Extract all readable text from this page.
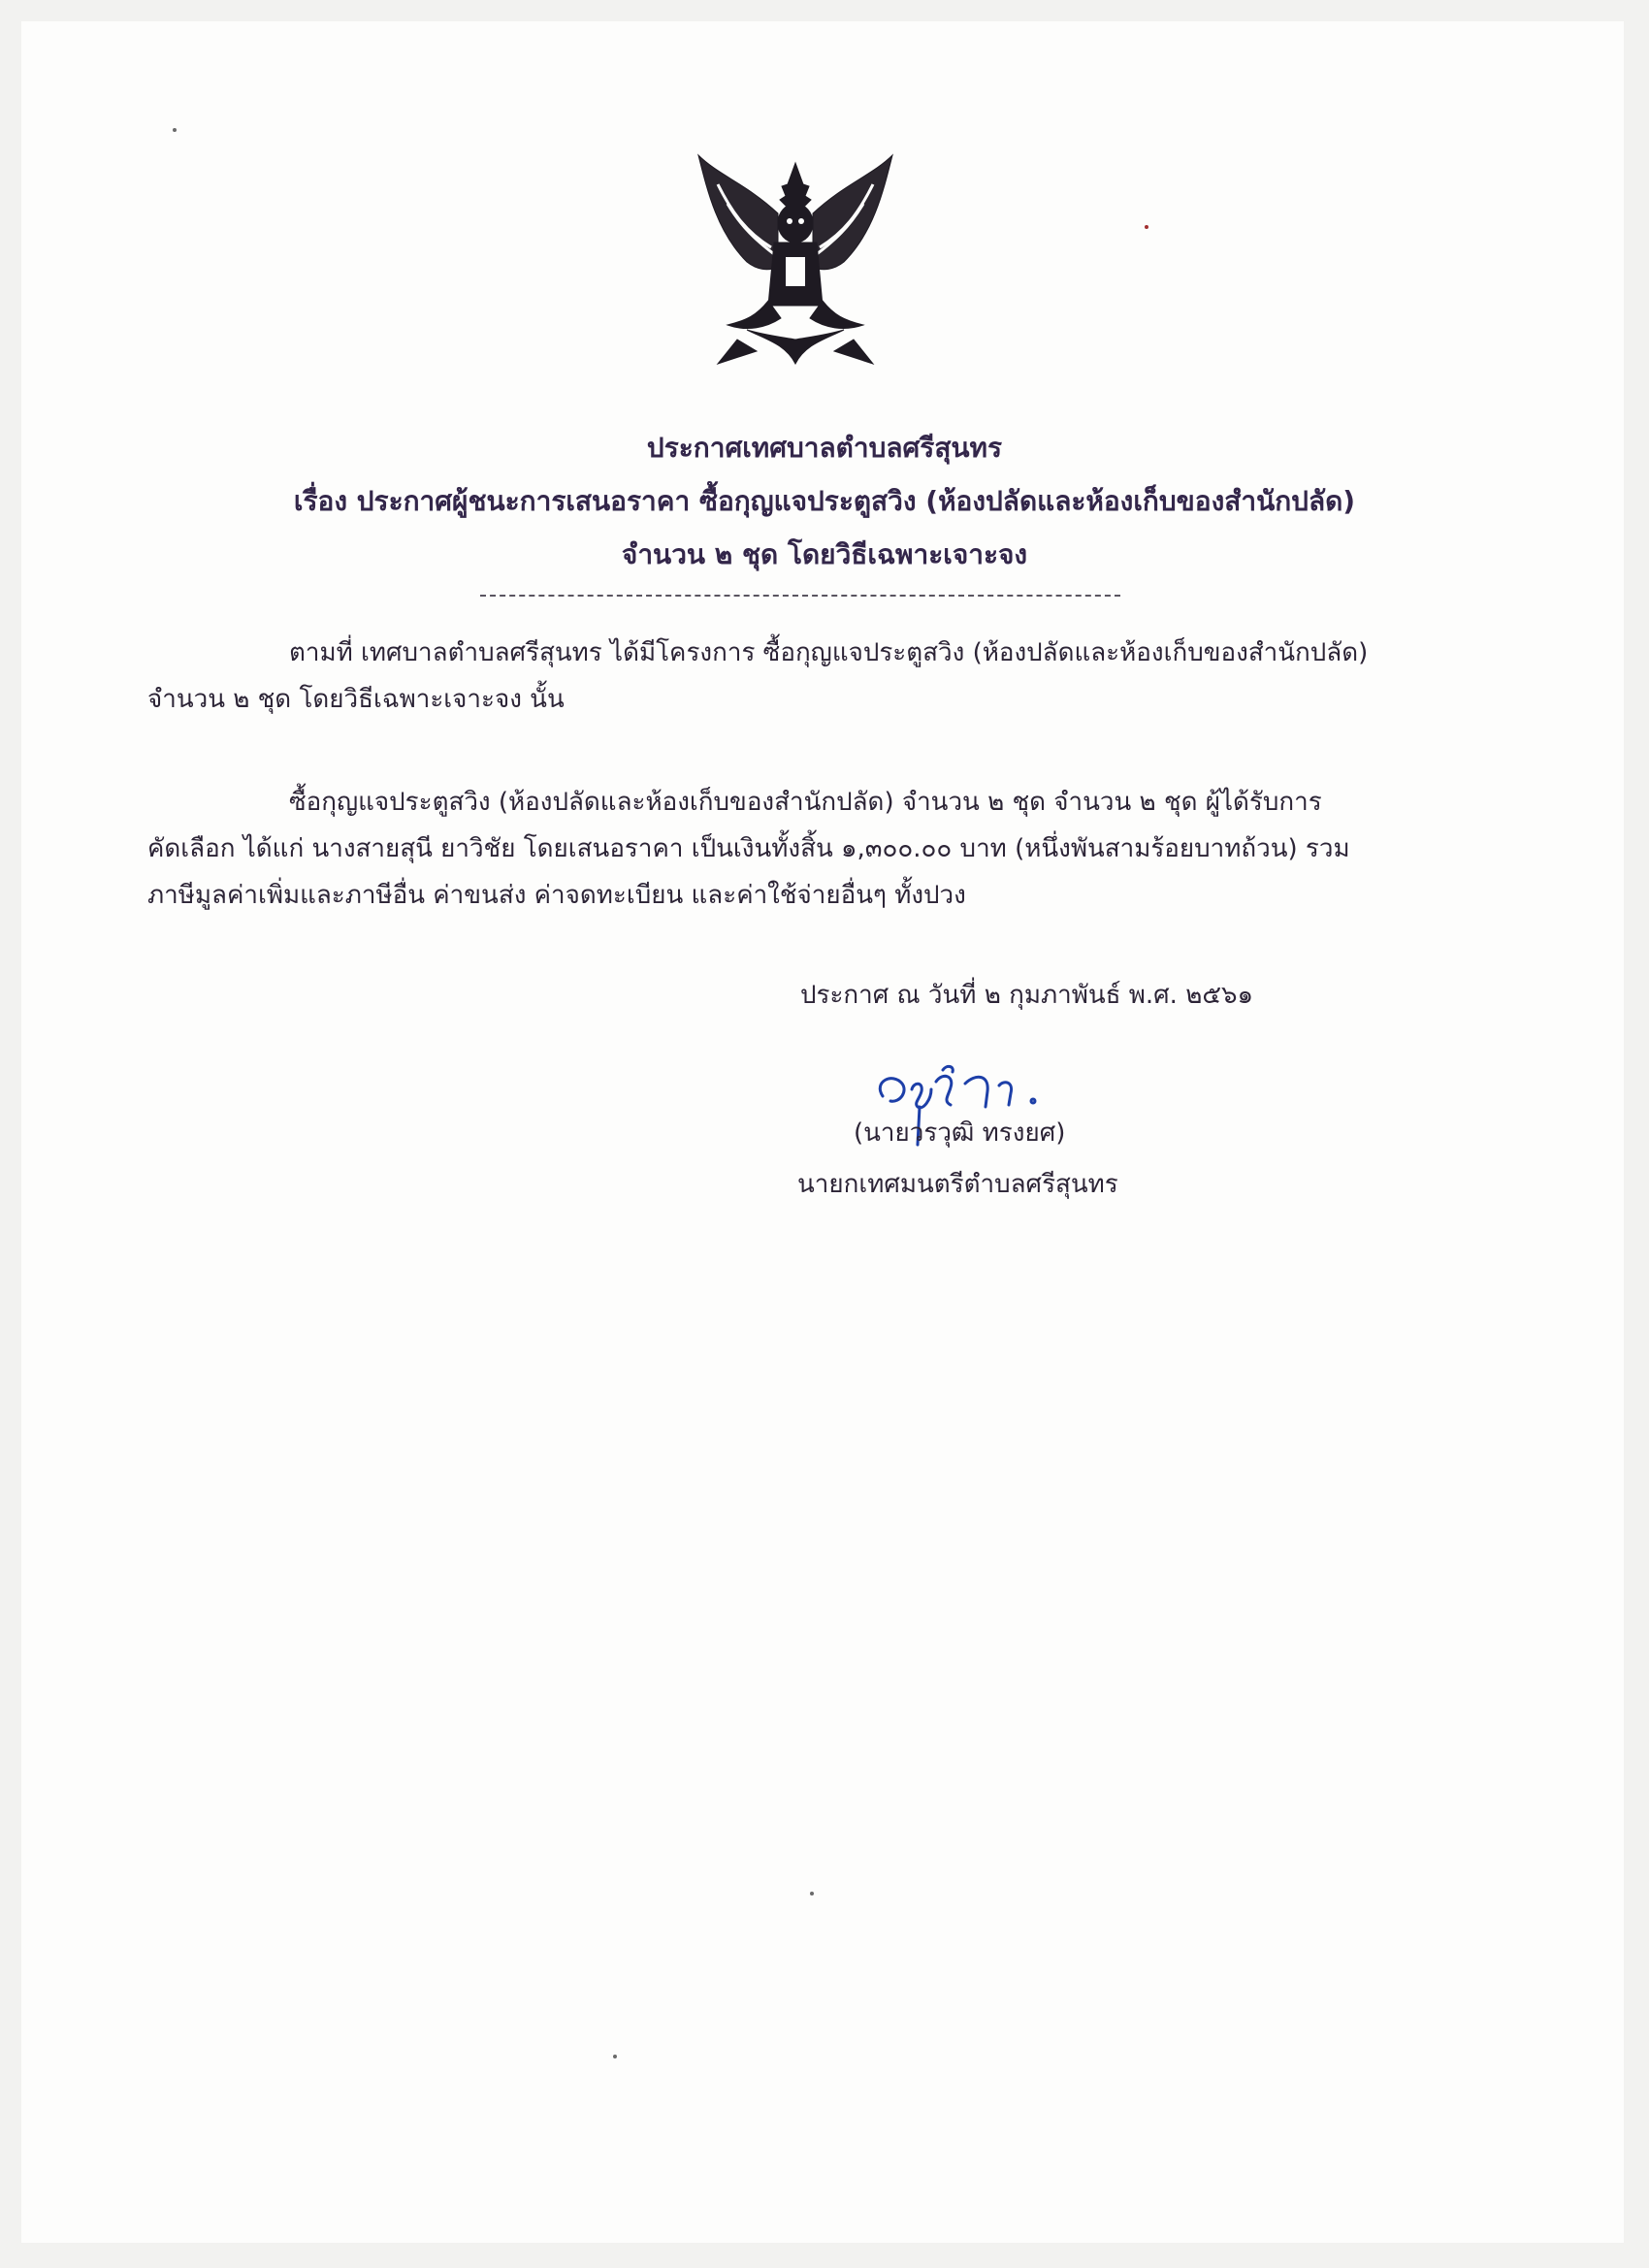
ประกาศเทศบาลตำบลศรีสุนทร
เรื่อง ประกาศผู้ชนะการเสนอราคา ซื้อกุญแจประตูสวิง (ห้องปลัดและห้องเก็บของสำนักปลัด)
จำนวน ๒ ชุด โดยวิธีเฉพาะเจาะจง
ตามที่ เทศบาลตำบลศรีสุนทร ได้มีโครงการ ซื้อกุญแจประตูสวิง (ห้องปลัดและห้องเก็บของสำนักปลัด)
จำนวน ๒ ชุด โดยวิธีเฉพาะเจาะจง นั้น
ซื้อกุญแจประตูสวิง (ห้องปลัดและห้องเก็บของสำนักปลัด) จำนวน ๒ ชุด จำนวน ๒ ชุด ผู้ได้รับการ
คัดเลือก ได้แก่ นางสายสุนี ยาวิชัย โดยเสนอราคา เป็นเงินทั้งสิ้น ๑,๓๐๐.๐๐ บาท (หนึ่งพันสามร้อยบาทถ้วน) รวม
ภาษีมูลค่าเพิ่มและภาษีอื่น ค่าขนส่ง ค่าจดทะเบียน และค่าใช้จ่ายอื่นๆ ทั้งปวง
ประกาศ ณ วันที่ ๒ กุมภาพันธ์ พ.ศ. ๒๕๖๑
(นายวรวุฒิ ทรงยศ)
นายกเทศมนตรีตำบลศรีสุนทร
